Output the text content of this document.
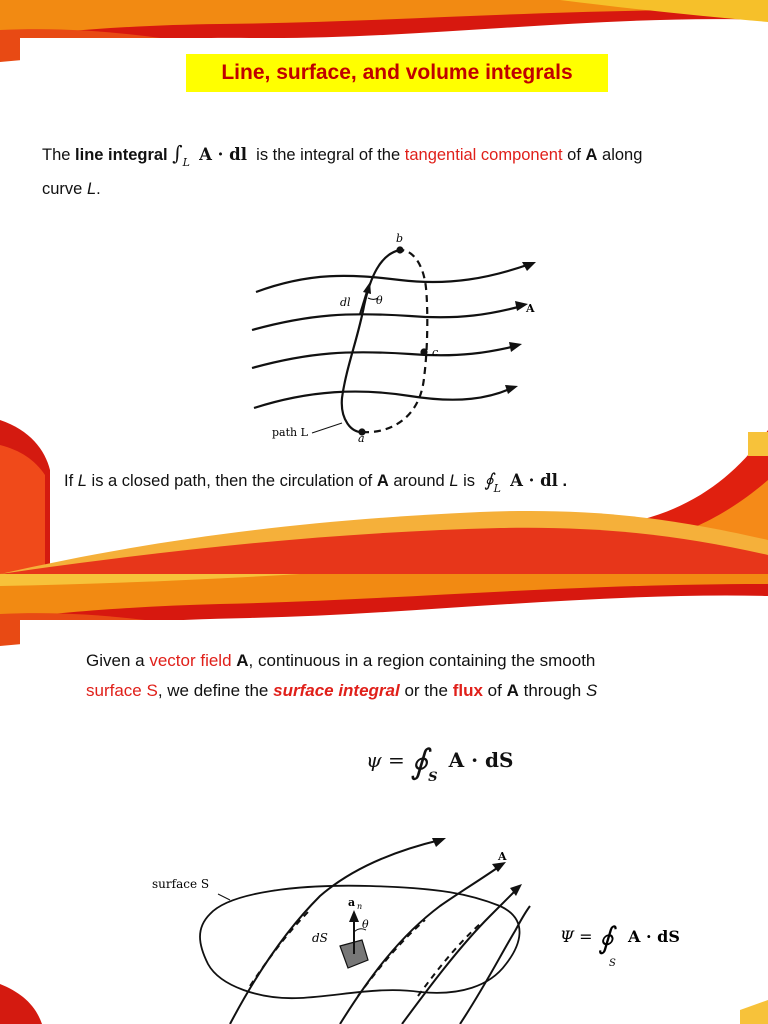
Line, surface, and volume integrals
The line integral $\int_L$ A · dl is the integral of the tangential component of A along
curve L.
b
dl θ
A
c
path L	a
If L is a closed path, then the circulation of A around L is $∮_L$ A · dl .
Given a vector field A, continuous in a region containing the smooth
surface S, we define the surface integral or the flux of A through S
$\psi = ∮_S$  A · dS
surface S
a n
θ
dS
A
Ψ = ∮
S
A · dS
